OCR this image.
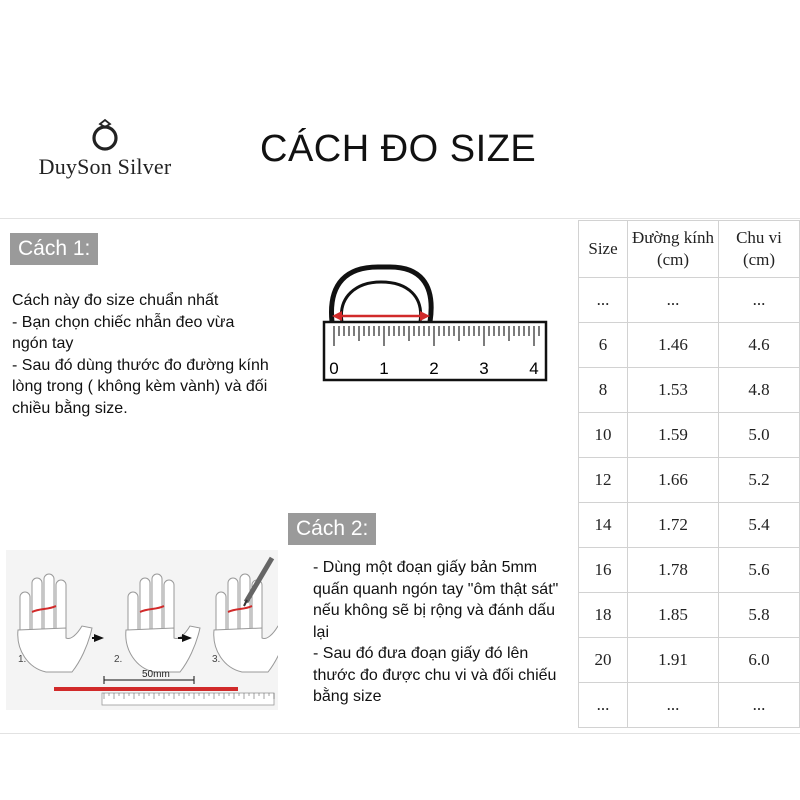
DuySon Silver CÁCH ĐO SIZE
Cách 1:

Cách này đo size chuẩn nhất

- Bạn chọn chiếc nhẫn đeo vừa ngón tay

- Sau đó dùng thước đo đường kính lòng trong ( không kèm vành) và đối chiều bằng size.

0 1 2 3 4
Cách 2:

- Dùng một đoạn giấy bản 5mm quấn quanh ngón tay "ôm thật sát" nếu không sẽ bị rộng và đánh dấu lại

- Sau đó đưa đoạn giấy đó lên thước đo được chu vi và đối chiếu bằng size

1.	2.	3.
50mm
Size	Đường kính (cm)	Chu vi (cm)
...	...	...
6	1.46	4.6
8	1.53	4.8
10	1.59	5.0
12	1.66	5.2
14	1.72	5.4
16	1.78	5.6
18	1.85	5.8
20	1.91	6.0
...	...	...
